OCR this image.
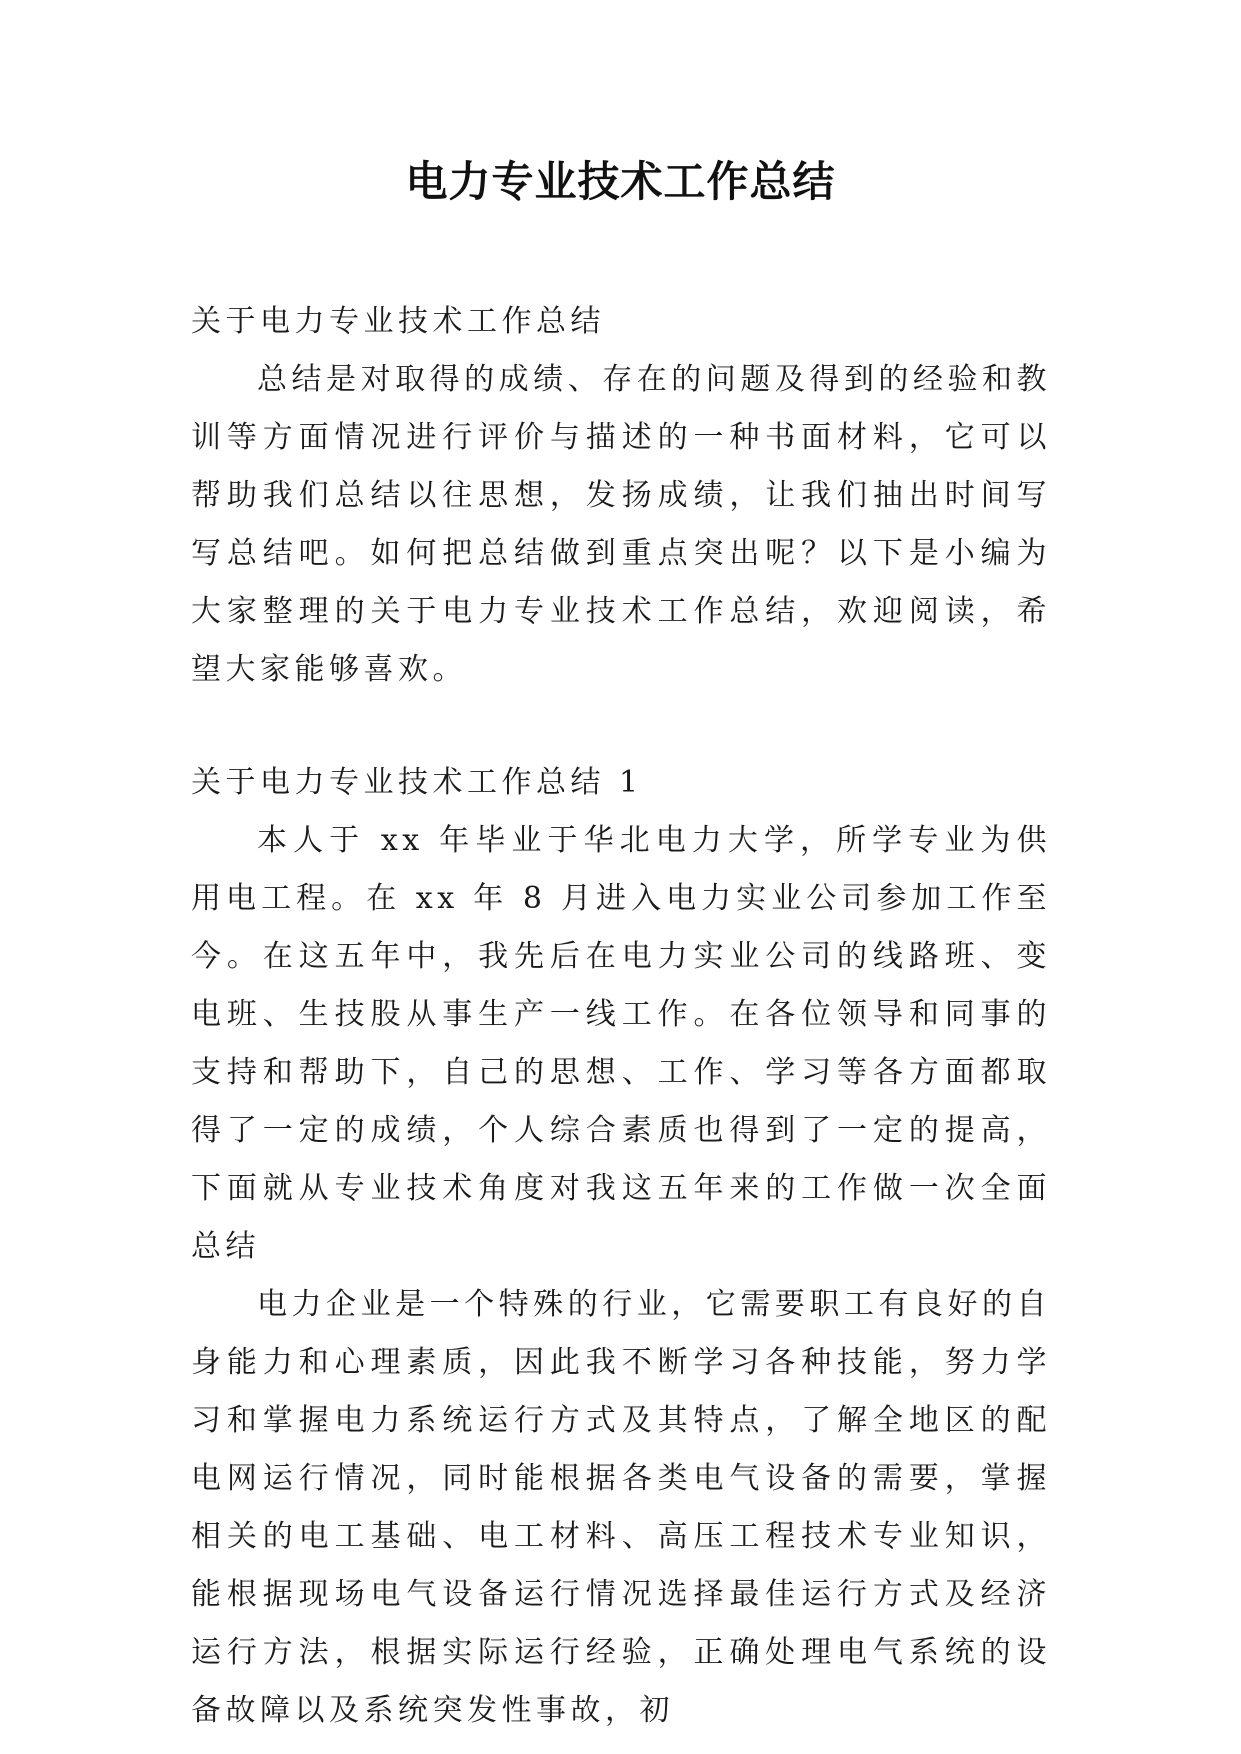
电力专业技术工作总结

关于电力专业技术工作总结

总结是对取得的成绩、存在的问题及得到的经验和教训等方面情况进行评价与描述的一种书面材料，它可以帮助我们总结以往思想，发扬成绩，让我们抽出时间写写总结吧。如何把总结做到重点突出呢？以下是小编为大家整理的关于电力专业技术工作总结，欢迎阅读，希望大家能够喜欢。

关于电力专业技术工作总结 1

本人于 xx 年毕业于华北电力大学，所学专业为供用电工程。在 xx 年 8 月进入电力实业公司参加工作至今。在这五年中，我先后在电力实业公司的线路班、变电班、生技股从事生产一线工作。在各位领导和同事的支持和帮助下，自己的思想、工作、学习等各方面都取得了一定的成绩，个人综合素质也得到了一定的提高，下面就从专业技术角度对我这五年来的工作做一次全面总结

电力企业是一个特殊的行业，它需要职工有良好的自身能力和心理素质，因此我不断学习各种技能，努力学习和掌握电力系统运行方式及其特点，了解全地区的配电网运行情况，同时能根据各类电气设备的需要，掌握相关的电工基础、电工材料、高压工程技术专业知识，能根据现场电气设备运行情况选择最佳运行方式及经济运行方法，根据实际运行经验，正确处理电气系统的设备故障以及系统突发性事故，初
